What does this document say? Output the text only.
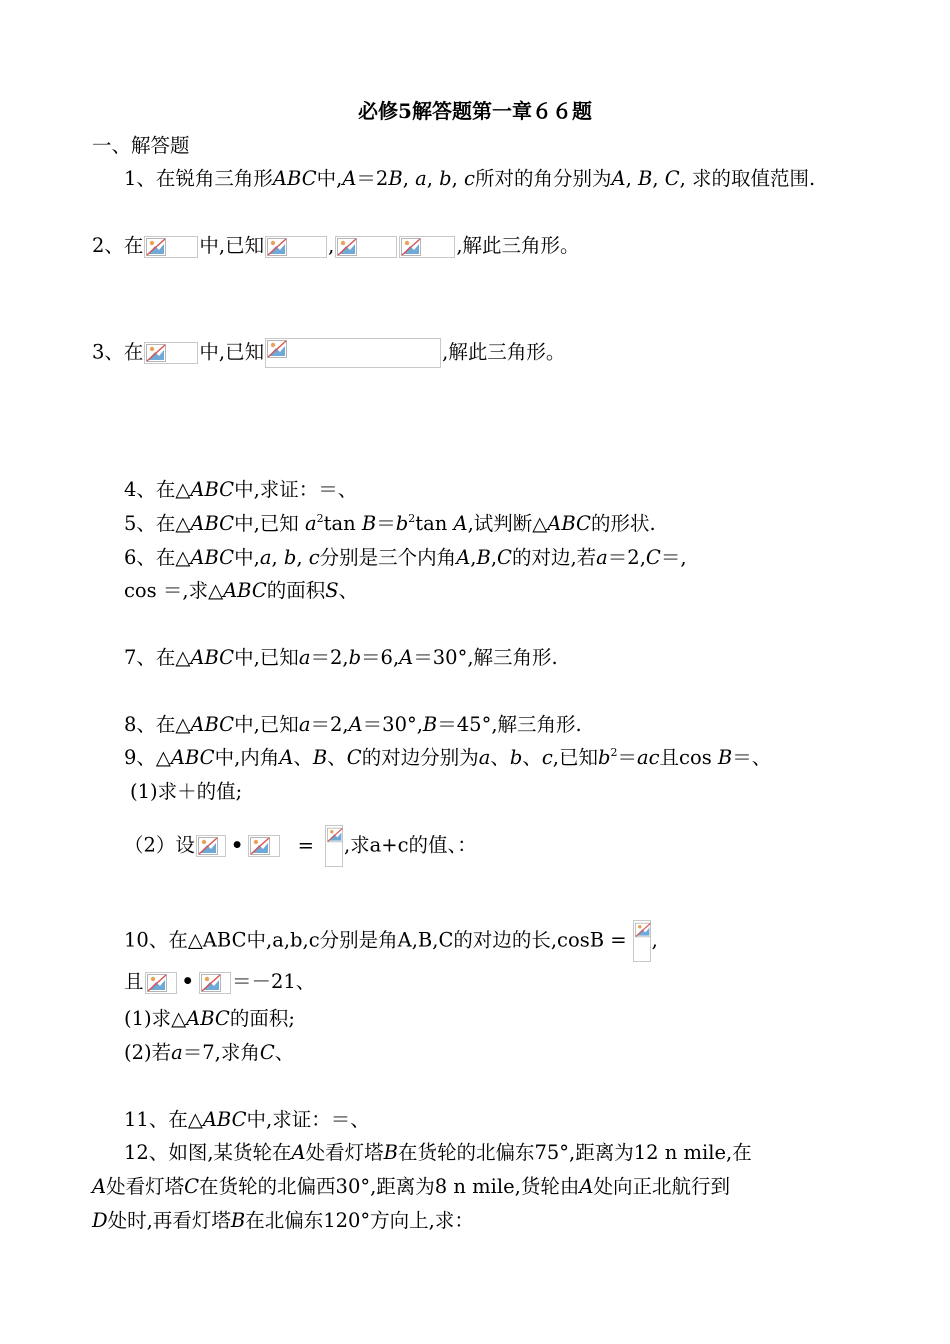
必修5解答题第一章６６题
一、解答题
1、在锐角三角形ABC中,A＝2B, a, b, c所对的角分别为A, B, C, 求的取值范围.
2、在	中,已知	,	,解此三角形。
3、在	中,已知	,解此三角形。
4、在△ABC中,求证：＝、
5、在△ABC中,已知 $a^2\tan$ $B=b^2\tan$ A,试判断△ABC的形状.
6、在△ABC中,a, b, c分别是三个内角A,B,C的对边,若a＝2,C＝,
cos ＝,求△ABC的面积S、
7、在△ABC中,已知a＝2,b＝6,A＝30°,解三角形.
8、在△ABC中,已知a＝2,A＝30°,B＝45°,解三角形.
9、△ABC中,内角A、B、C的对边分别为a、b、c,已知$b^2=ac$且cos B＝、
(1)求＋的值;
（2）设 •	= ,求a+c的值、：
10、在△ABC中,a,b,c分别是角A,B,C的对边的长,cosB = ,
且 • ＝－21、
(1)求△ABC的面积;
(2)若a＝7,求角C、
11、在△ABC中,求证：＝、
12、如图,某货轮在A处看灯塔B在货轮的北偏东75°,距离为12 n mile,在
A处看灯塔C在货轮的北偏西30°,距离为8 n mile,货轮由A处向正北航行到
D处时,再看灯塔B在北偏东120°方向上,求：
